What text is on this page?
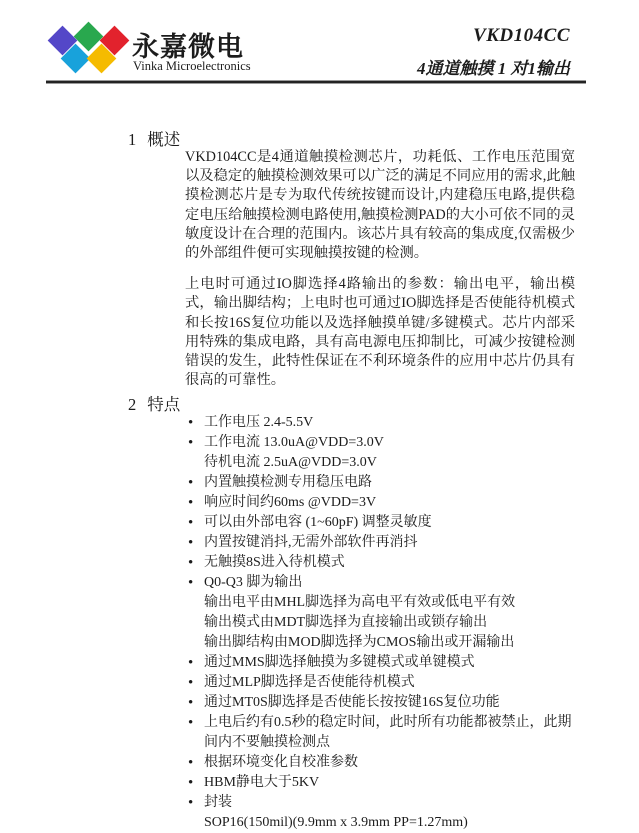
永嘉微电
Vinka Microelectronics
VKD104CC
4通道触摸 1 对1输出
1 概述

VKD104CC是4通道触摸检测芯片，功耗低、工作电压范围宽以及稳定的触摸检测效果可以广泛的满足不同应用的需求,此触摸检测芯片是专为取代传统按键而设计,内建稳压电路,提供稳定电压给触摸检测电路使用,触摸检测PAD的大小可依不同的灵敏度设计在合理的范围内。该芯片具有较高的集成度,仅需极少的外部组件便可实现触摸按键的检测。

上电时可通过IO脚选择4路输出的参数：输出电平，输出模式，输出脚结构；上电时也可通过IO脚选择是否使能待机模式和长按16S复位功能以及选择触摸单键/多键模式。芯片内部采用特殊的集成电路，具有高电源电压抑制比，可减少按键检测错误的发生，此特性保证在不利环境条件的应用中芯片仍具有很高的可靠性。

2 特点
• 工作电压 2.4-5.5V
• 工作电流 13.0uA@VDD=3.0V
待机电流 2.5uA@VDD=3.0V
• 内置触摸检测专用稳压电路
• 响应时间约60ms @VDD=3V
• 可以由外部电容 (1~60pF) 调整灵敏度
• 内置按键消抖,无需外部软件再消抖
• 无触摸8S进入待机模式
• Q0-Q3 脚为输出
输出电平由MHL脚选择为高电平有效或低电平有效
输出模式由MDT脚选择为直接输出或锁存输出
输出脚结构由MOD脚选择为CMOS输出或开漏输出
• 通过MMS脚选择触摸为多键模式或单键模式
• 通过MLP脚选择是否使能待机模式
• 通过MT0S脚选择是否使能长按按键16S复位功能
• 上电后约有0.5秒的稳定时间，此时所有功能都被禁止，此期间内不要触摸检测点
• 根据环境变化自校准参数
• HBM静电大于5KV
• 封装
SOP16(150mil)(9.9mm x 3.9mm PP=1.27mm)
